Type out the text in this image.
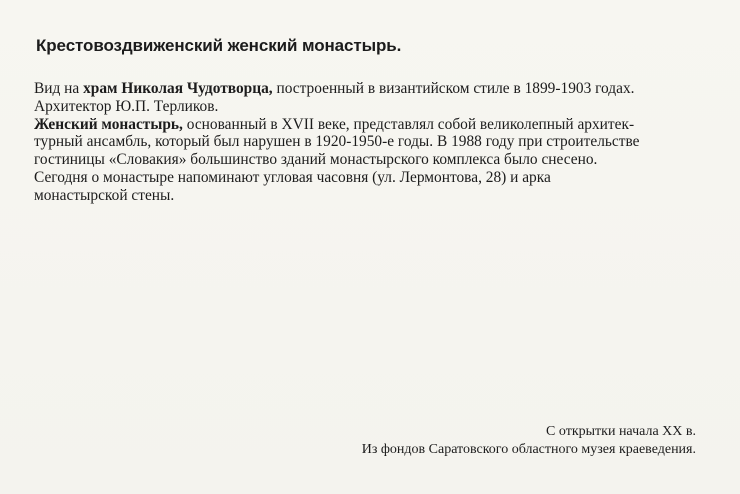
Крестовоздвиженский женский монастырь.
Вид на храм Николая Чудотворца, построенный в византийском стиле в 1899-1903 годах.
Архитектор Ю.П. Терликов.
Женский монастырь, основанный в XVII веке, представлял собой великолепный архитек-
турный ансамбль, который был нарушен в 1920-1950-е годы. В 1988 году при строительстве
гостиницы «Словакия» большинство зданий монастырского комплекса было снесено.
Сегодня о монастыре напоминают угловая часовня (ул. Лермонтова, 28) и арка
монастырской стены.
С открытки начала XX в.
Из фондов Саратовского областного музея краеведения.
